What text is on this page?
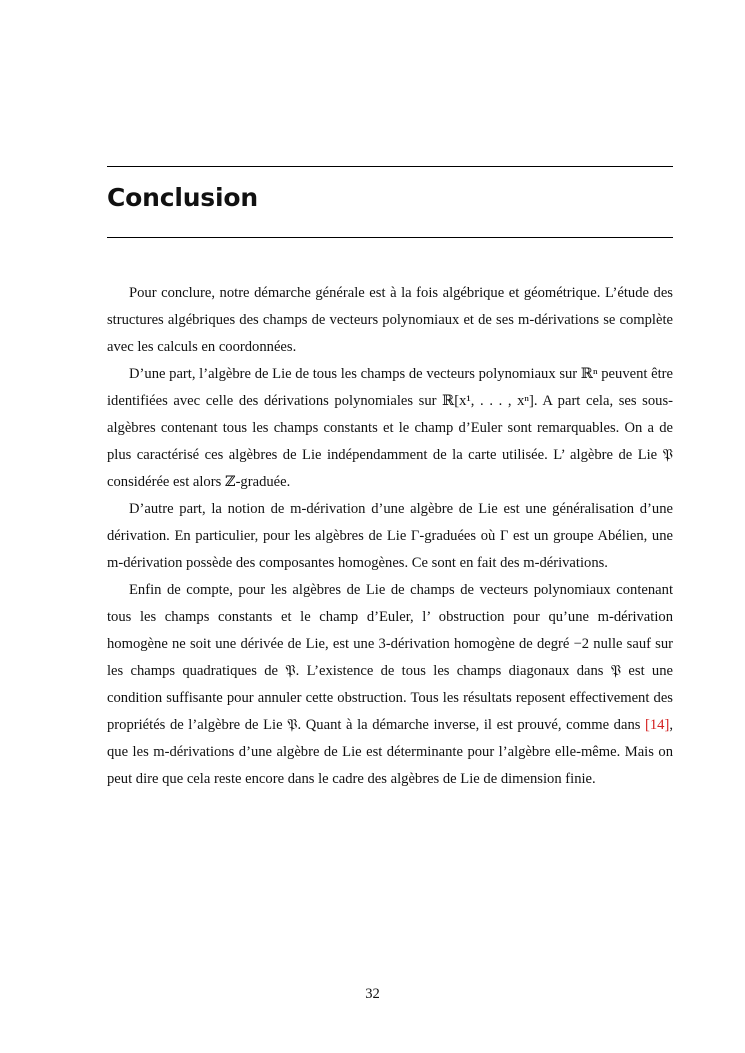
Conclusion

Pour conclure, notre démarche générale est à la fois algébrique et géométrique. L’étude des structures algébriques des champs de vecteurs polynomiaux et de ses m-dérivations se complète avec les calculs en coordonnées.

D’une part, l’algèbre de Lie de tous les champs de vecteurs polynomiaux sur ℝⁿ peuvent être identifiées avec celle des dérivations polynomiales sur ℝ[x¹, . . . , xⁿ]. A part cela, ses sous-algèbres contenant tous les champs constants et le champ d’Euler sont remarquables. On a de plus caractérisé ces algèbres de Lie indépendamment de la carte utilisée. L’ algèbre de Lie 𝔓 considérée est alors ℤ-graduée.

D’autre part, la notion de m-dérivation d’une algèbre de Lie est une généralisation d’une dérivation. En particulier, pour les algèbres de Lie Γ-graduées où Γ est un groupe Abélien, une m-dérivation possède des composantes homogènes. Ce sont en fait des m-dérivations.

Enfin de compte, pour les algèbres de Lie de champs de vecteurs polynomiaux contenant tous les champs constants et le champ d’Euler, l’ obstruction pour qu’une m-dérivation homogène ne soit une dérivée de Lie, est une 3-dérivation homogène de degré −2 nulle sauf sur les champs quadratiques de 𝔓. L’existence de tous les champs diagonaux dans 𝔓 est une condition suffisante pour annuler cette obstruction. Tous les résultats reposent effectivement des propriétés de l’algèbre de Lie 𝔓. Quant à la démarche inverse, il est prouvé, comme dans [14], que les m-dérivations d’une algèbre de Lie est déterminante pour l’algèbre elle-même. Mais on peut dire que cela reste encore dans le cadre des algèbres de Lie de dimension finie.

32
